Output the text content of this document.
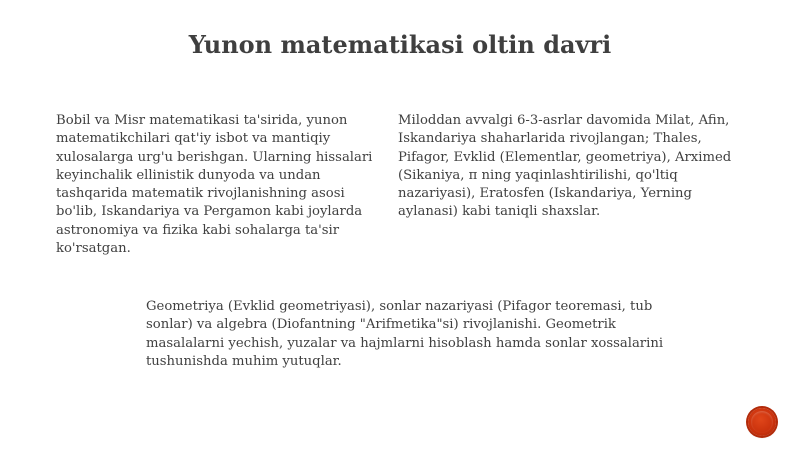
Yunon matematikasi oltin davri

Bobil va Misr matematikasi ta'sirida, yunon matematikchilari qat'iy isbot va mantiqiy xulosalarga urg'u berishgan. Ularning hissalari keyinchalik ellinistik dunyoda va undan tashqarida matematik rivojlanishning asosi bo'lib, Iskandariya va Pergamon kabi joylarda astronomiya va fizika kabi sohalarga ta'sir ko'rsatgan.

Miloddan avvalgi 6-3-asrlar davomida Milat, Afin, Iskandariya shaharlarida rivojlangan; Thales, Pifagor, Evklid (Elementlar, geometriya), Arximed (Sikaniya, π ning yaqinlashtirilishi, qo'ltiq nazariyasi), Eratosfen (Iskandariya, Yerning aylanasi) kabi taniqli shaxslar.

Geometriya (Evklid geometriyasi), sonlar nazariyasi (Pifagor teoremasi, tub sonlar) va algebra (Diofantning "Arifmetika"si) rivojlanishi. Geometrik masalalarni yechish, yuzalar va hajmlarni hisoblash hamda sonlar xossalarini tushunishda muhim yutuqlar.
